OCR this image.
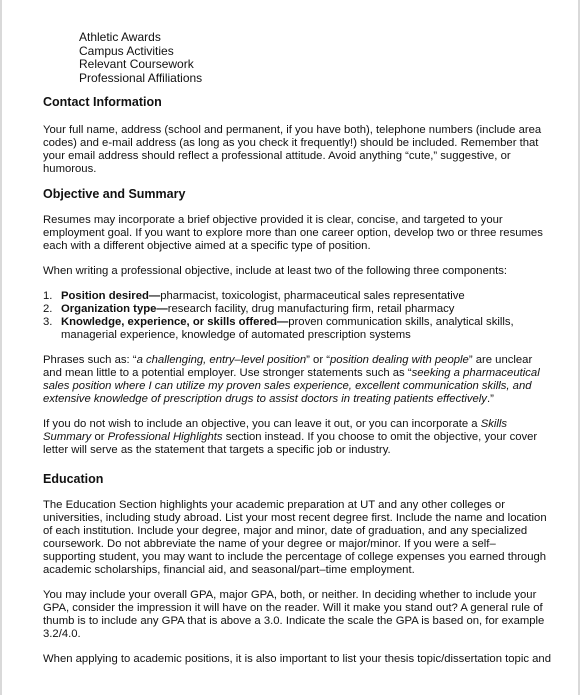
Athletic Awards
Campus Activities
Relevant Coursework
Professional Affiliations
Contact Information

Your full name, address (school and permanent, if you have both), telephone numbers (include area
codes) and e-mail address (as long as you check it frequently!) should be included. Remember that
your email address should reflect a professional attitude. Avoid anything “cute,” suggestive, or
humorous.

Objective and Summary

Resumes may incorporate a brief objective provided it is clear, concise, and targeted to your
employment goal. If you want to explore more than one career option, develop two or three resumes
each with a different objective aimed at a specific type of position.

When writing a professional objective, include at least two of the following three components:

1. Position desired—pharmacist, toxicologist, pharmaceutical sales representative
2. Organization type—research facility, drug manufacturing firm, retail pharmacy
3. Knowledge, experience, or skills offered—proven communication skills, analytical skills,
managerial experience, knowledge of automated prescription systems

Phrases such as: “a challenging, entry–level position” or “position dealing with people” are unclear
and mean little to a potential employer. Use stronger statements such as “seeking a pharmaceutical
sales position where I can utilize my proven sales experience, excellent communication skills, and
extensive knowledge of prescription drugs to assist doctors in treating patients effectively.”

If you do not wish to include an objective, you can leave it out, or you can incorporate a Skills
Summary or Professional Highlights section instead. If you choose to omit the objective, your cover
letter will serve as the statement that targets a specific job or industry.

Education

The Education Section highlights your academic preparation at UT and any other colleges or
universities, including study abroad. List your most recent degree first. Include the name and location
of each institution. Include your degree, major and minor, date of graduation, and any specialized
coursework. Do not abbreviate the name of your degree or major/minor. If you were a self–
supporting student, you may want to include the percentage of college expenses you earned through
academic scholarships, financial aid, and seasonal/part–time employment.

You may include your overall GPA, major GPA, both, or neither. In deciding whether to include your
GPA, consider the impression it will have on the reader. Will it make you stand out? A general rule of
thumb is to include any GPA that is above a 3.0. Indicate the scale the GPA is based on, for example
3.2/4.0.

When applying to academic positions, it is also important to list your thesis topic/dissertation topic and
